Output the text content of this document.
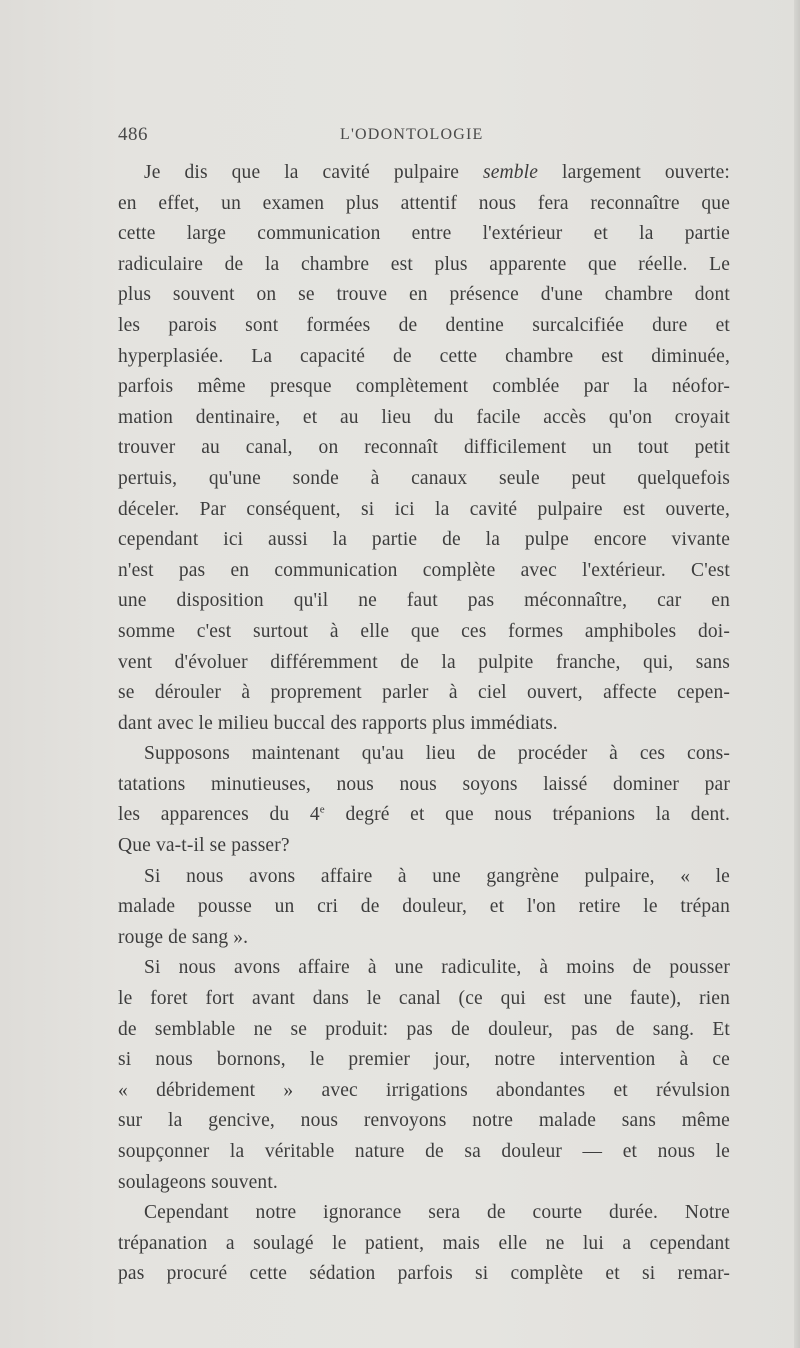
486	L'ODONTOLOGIE
Je dis que la cavité pulpaire semble largement ouverte:
en effet, un examen plus attentif nous fera reconnaître que
cette large communication entre l'extérieur et la partie
radiculaire de la chambre est plus apparente que réelle. Le
plus souvent on se trouve en présence d'une chambre dont
les parois sont formées de dentine surcalcifiée dure et
hyperplasiée. La capacité de cette chambre est diminuée,
parfois même presque complètement comblée par la néofor-
mation dentinaire, et au lieu du facile accès qu'on croyait
trouver au canal, on reconnaît difficilement un tout petit
pertuis, qu'une sonde à canaux seule peut quelquefois
déceler. Par conséquent, si ici la cavité pulpaire est ouverte,
cependant ici aussi la partie de la pulpe encore vivante
n'est pas en communication complète avec l'extérieur. C'est
une disposition qu'il ne faut pas méconnaître, car en
somme c'est surtout à elle que ces formes amphiboles doi-
vent d'évoluer différemment de la pulpite franche, qui, sans
se dérouler à proprement parler à ciel ouvert, affecte cepen-
dant avec le milieu buccal des rapports plus immédiats.
Supposons maintenant qu'au lieu de procéder à ces cons-
tatations minutieuses, nous nous soyons laissé dominer par
les apparences du 4e degré et que nous trépanions la dent.
Que va-t-il se passer?
Si nous avons affaire à une gangrène pulpaire, « le
malade pousse un cri de douleur, et l'on retire le trépan
rouge de sang ».
Si nous avons affaire à une radiculite, à moins de pousser
le foret fort avant dans le canal (ce qui est une faute), rien
de semblable ne se produit: pas de douleur, pas de sang. Et
si nous bornons, le premier jour, notre intervention à ce
« débridement » avec irrigations abondantes et révulsion
sur la gencive, nous renvoyons notre malade sans même
soupçonner la véritable nature de sa douleur — et nous le
soulageons souvent.
Cependant notre ignorance sera de courte durée. Notre
trépanation a soulagé le patient, mais elle ne lui a cependant
pas procuré cette sédation parfois si complète et si remar-
